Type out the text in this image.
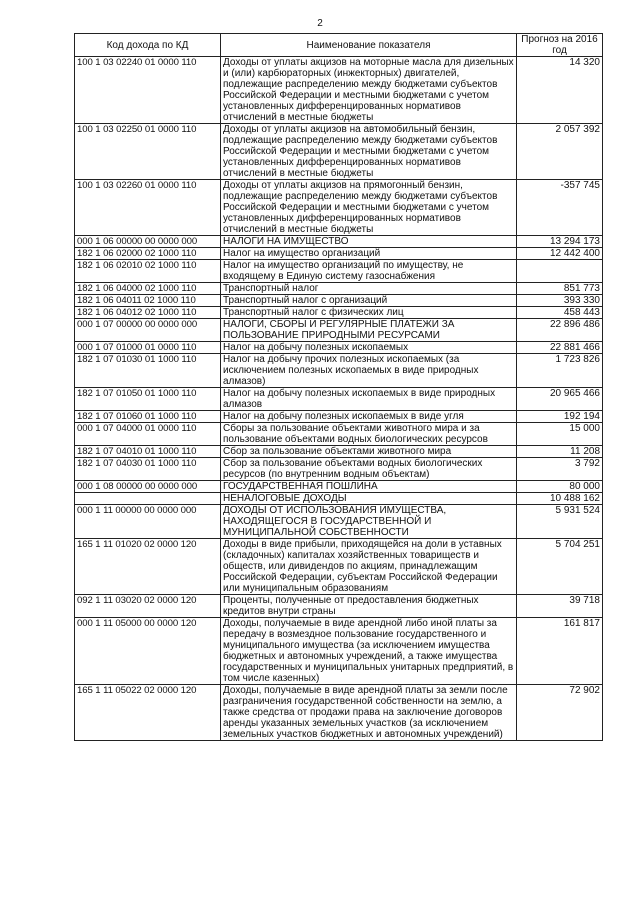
2
Код дохода по КД	Наименование показателя	Прогноз на 2016 год
100 1 03 02240 01 0000 110	Доходы от уплаты акцизов на моторные масла для дизельных и (или) карбюраторных (инжекторных) двигателей, подлежащие распределению между бюджетами субъектов Российской Федерации и местными бюджетами с учетом установленных дифференцированных нормативов отчислений в местные бюджеты	14 320
100 1 03 02250 01 0000 110	Доходы от уплаты акцизов на автомобильный бензин, подлежащие распределению между бюджетами субъектов Российской Федерации и местными бюджетами с учетом установленных дифференцированных нормативов отчислений в местные бюджеты	2 057 392
100 1 03 02260 01 0000 110	Доходы от уплаты акцизов на прямогонный бензин, подлежащие распределению между бюджетами субъектов Российской Федерации и местными бюджетами с учетом установленных дифференцированных нормативов отчислений в местные бюджеты	-357 745
000 1 06 00000 00 0000 000	НАЛОГИ НА ИМУЩЕСТВО	13 294 173
182 1 06 02000 02 1000 110	Налог на имущество организаций	12 442 400
182 1 06 02010 02 1000 110	Налог на имущество организаций по имуществу, не входящему в Единую систему газоснабжения	
182 1 06 04000 02 1000 110	Транспортный налог	851 773
182 1 06 04011 02 1000 110	Транспортный налог с организаций	393 330
182 1 06 04012 02 1000 110	Транспортный налог с физических лиц	458 443
000 1 07 00000 00 0000 000	НАЛОГИ, СБОРЫ И РЕГУЛЯРНЫЕ ПЛАТЕЖИ ЗА ПОЛЬЗОВАНИЕ ПРИРОДНЫМИ РЕСУРСАМИ	22 896 486
000 1 07 01000 01 0000 110	Налог на добычу полезных ископаемых	22 881 466
182 1 07 01030 01 1000 110	Налог на добычу прочих полезных ископаемых (за исключением полезных ископаемых в виде природных алмазов)	1 723 826
182 1 07 01050 01 1000 110	Налог на добычу полезных ископаемых в виде природных алмазов	20 965 466
182 1 07 01060 01 1000 110	Налог на добычу полезных ископаемых в виде угля	192 194
000 1 07 04000 01 0000 110	Сборы за пользование объектами животного мира и за пользование объектами водных биологических ресурсов	15 000
182 1 07 04010 01 1000 110	Сбор за пользование объектами животного мира	11 208
182 1 07 04030 01 1000 110	Сбор за пользование объектами водных биологических ресурсов (по внутренним водным объектам)	3 792
000 1 08 00000 00 0000 000	ГОСУДАРСТВЕННАЯ ПОШЛИНА	80 000
	НЕНАЛОГОВЫЕ ДОХОДЫ	10 488 162
000 1 11 00000 00 0000 000	ДОХОДЫ ОТ ИСПОЛЬЗОВАНИЯ ИМУЩЕСТВА, НАХОДЯЩЕГОСЯ В ГОСУДАРСТВЕННОЙ И МУНИЦИПАЛЬНОЙ СОБСТВЕННОСТИ	5 931 524
165 1 11 01020 02 0000 120	Доходы в виде прибыли, приходящейся на доли в уставных (складочных) капиталах хозяйственных товариществ и обществ, или дивидендов по акциям, принадлежащим Российской Федерации, субъектам Российской Федерации или муниципальным образованиям	5 704 251
092 1 11 03020 02 0000 120	Проценты, полученные от предоставления бюджетных кредитов внутри страны	39 718
000 1 11 05000 00 0000 120	Доходы, получаемые в виде арендной либо иной платы за передачу в возмездное пользование государственного и муниципального имущества (за исключением имущества бюджетных и автономных учреждений, а также имущества государственных и муниципальных унитарных предприятий, в том числе казенных)	161 817
165 1 11 05022 02 0000 120	Доходы, получаемые в виде арендной платы за земли после разграничения государственной собственности на землю, а также средства от продажи права на заключение договоров аренды указанных земельных участков (за исключением земельных участков бюджетных и автономных учреждений)	72 902
